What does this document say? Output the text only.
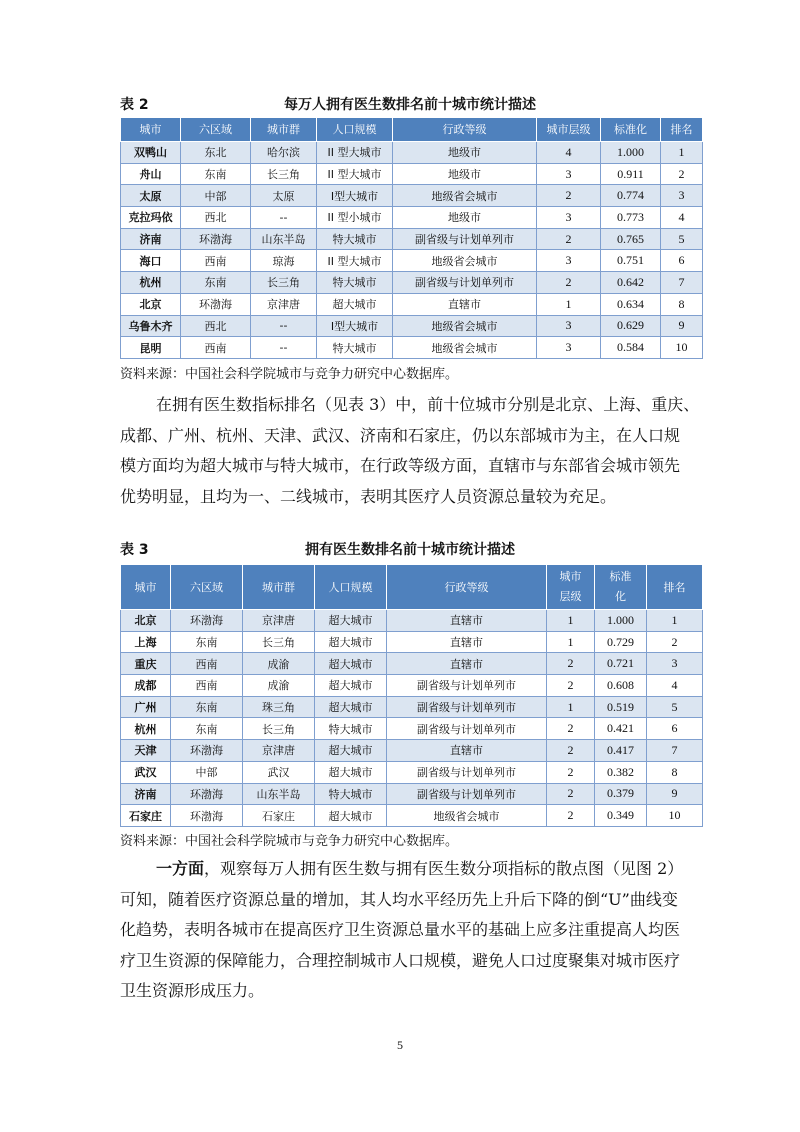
表 2	每万人拥有医生数排名前十城市统计描述
城市	六区域	城市群	人口规模	行政等级	城市层级	标准化	排名
双鸭山	东北	哈尔滨	II 型大城市	地级市	4	1.000	1
舟山	东南	长三角	II 型大城市	地级市	3	0.911	2
太原	中部	太原	I型大城市	地级省会城市	2	0.774	3
克拉玛依	西北	--	II 型小城市	地级市	3	0.773	4
济南	环渤海	山东半岛	特大城市	副省级与计划单列市	2	0.765	5
海口	西南	琼海	II 型大城市	地级省会城市	3	0.751	6
杭州	东南	长三角	特大城市	副省级与计划单列市	2	0.642	7
北京	环渤海	京津唐	超大城市	直辖市	1	0.634	8
乌鲁木齐	西北	--	I型大城市	地级省会城市	3	0.629	9
昆明	西南	--	特大城市	地级省会城市	3	0.584	10
资料来源：中国社会科学院城市与竞争力研究中心数据库。

在拥有医生数指标排名（见表 3）中，前十位城市分别是北京、上海、重庆、

成都、广州、杭州、天津、武汉、济南和石家庄，仍以东部城市为主，在人口规

模方面均为超大城市与特大城市，在行政等级方面，直辖市与东部省会城市领先

优势明显，且均为一、二线城市，表明其医疗人员资源总量较为充足。

表 3	拥有医生数排名前十城市统计描述
城市	六区域	城市群	人口规模	行政等级	城市层级	标准化	排名
北京	环渤海	京津唐	超大城市	直辖市	1	1.000	1
上海	东南	长三角	超大城市	直辖市	1	0.729	2
重庆	西南	成渝	超大城市	直辖市	2	0.721	3
成都	西南	成渝	超大城市	副省级与计划单列市	2	0.608	4
广州	东南	珠三角	超大城市	副省级与计划单列市	1	0.519	5
杭州	东南	长三角	特大城市	副省级与计划单列市	2	0.421	6
天津	环渤海	京津唐	超大城市	直辖市	2	0.417	7
武汉	中部	武汉	超大城市	副省级与计划单列市	2	0.382	8
济南	环渤海	山东半岛	特大城市	副省级与计划单列市	2	0.379	9
石家庄	环渤海	石家庄	超大城市	地级省会城市	2	0.349	10
资料来源：中国社会科学院城市与竞争力研究中心数据库。

一方面，观察每万人拥有医生数与拥有医生数分项指标的散点图（见图 2）

可知，随着医疗资源总量的增加，其人均水平经历先上升后下降的倒“U”曲线变

化趋势，表明各城市在提高医疗卫生资源总量水平的基础上应多注重提高人均医

疗卫生资源的保障能力，合理控制城市人口规模，避免人口过度聚集对城市医疗

卫生资源形成压力。

5
